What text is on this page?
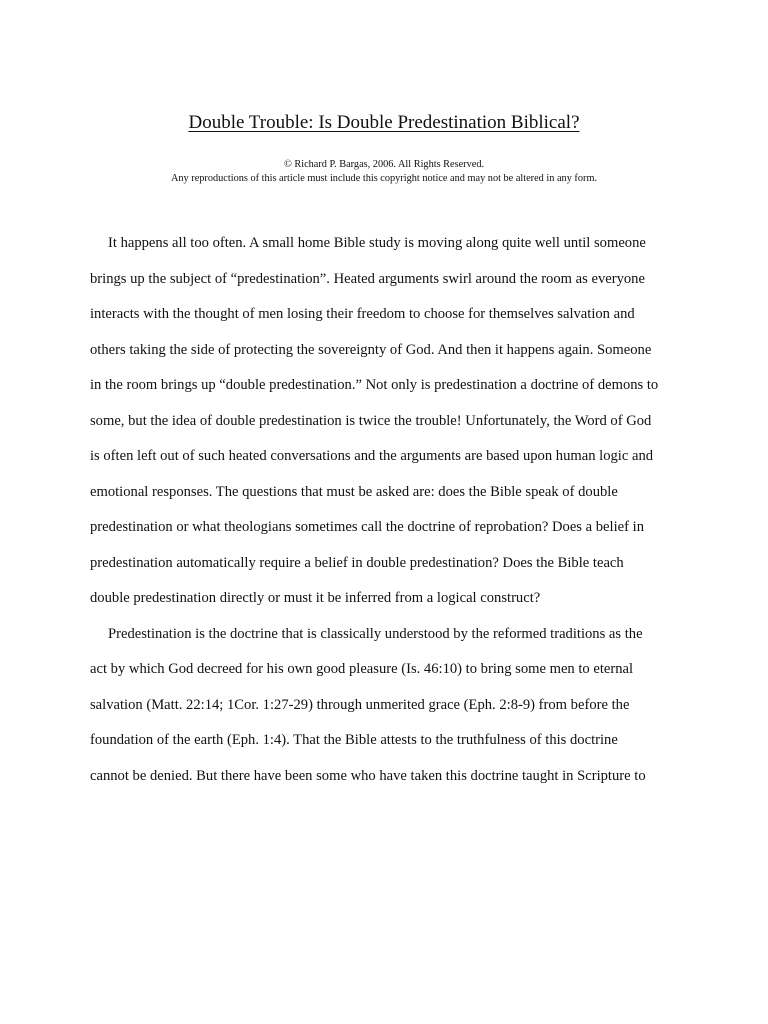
Double Trouble: Is Double Predestination Biblical?
© Richard P. Bargas, 2006. All Rights Reserved.
Any reproductions of this article must include this copyright notice and may not be altered in any form.
It happens all too often. A small home Bible study is moving along quite well until someone
brings up the subject of “predestination”. Heated arguments swirl around the room as everyone
interacts with the thought of men losing their freedom to choose for themselves salvation and
others taking the side of protecting the sovereignty of God. And then it happens again. Someone
in the room brings up “double predestination.” Not only is predestination a doctrine of demons to
some, but the idea of double predestination is twice the trouble! Unfortunately, the Word of God
is often left out of such heated conversations and the arguments are based upon human logic and
emotional responses. The questions that must be asked are: does the Bible speak of double
predestination or what theologians sometimes call the doctrine of reprobation? Does a belief in
predestination automatically require a belief in double predestination? Does the Bible teach
double predestination directly or must it be inferred from a logical construct?
Predestination is the doctrine that is classically understood by the reformed traditions as the
act by which God decreed for his own good pleasure (Is. 46:10) to bring some men to eternal
salvation (Matt. 22:14; 1Cor. 1:27-29) through unmerited grace (Eph. 2:8-9) from before the
foundation of the earth (Eph. 1:4). That the Bible attests to the truthfulness of this doctrine
cannot be denied. But there have been some who have taken this doctrine taught in Scripture to
